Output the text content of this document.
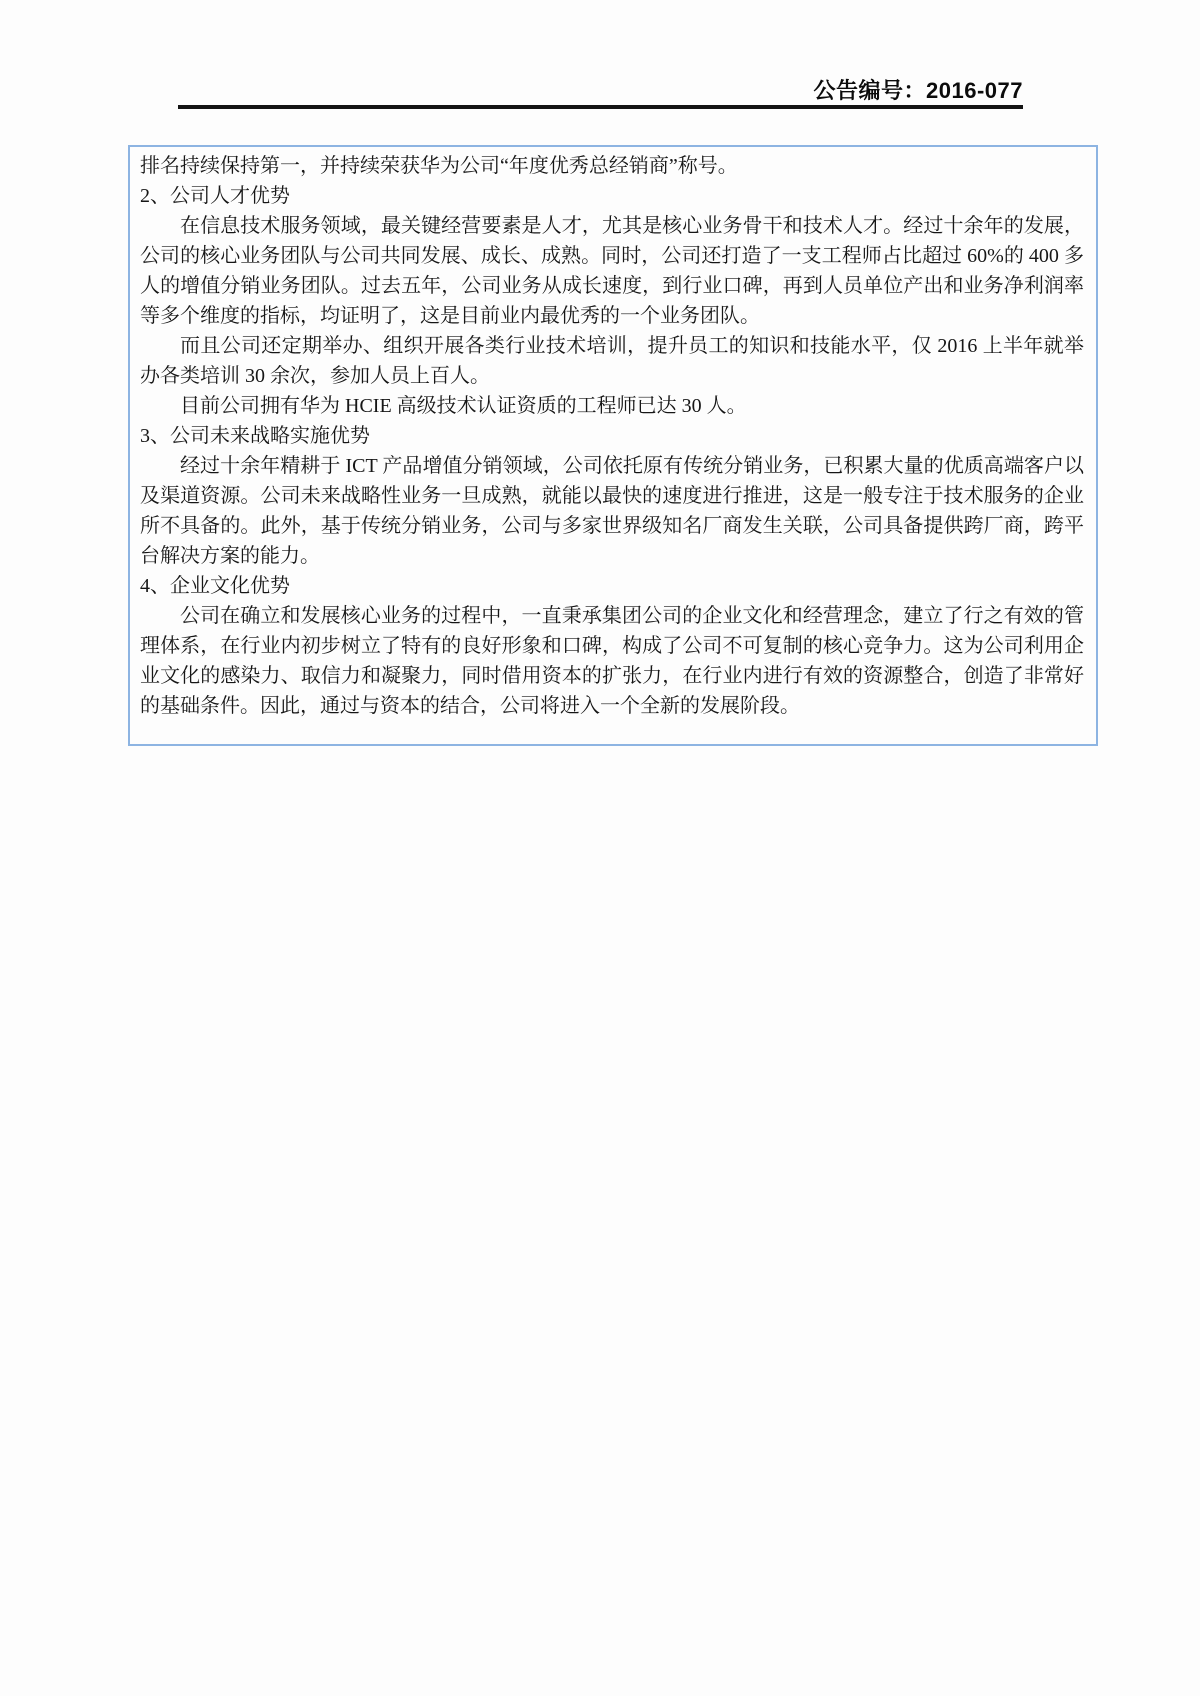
公告编号：2016-077

排名持续保持第一，并持续荣获华为公司“年度优秀总经销商”称号。

2、公司人才优势

在信息技术服务领域，最关键经营要素是人才，尤其是核心业务骨干和技术人才。经过十余年的发展，公司的核心业务团队与公司共同发展、成长、成熟。同时，公司还打造了一支工程师占比超过 60%的 400 多人的增值分销业务团队。过去五年，公司业务从成长速度，到行业口碑，再到人员单位产出和业务净利润率等多个维度的指标，均证明了，这是目前业内最优秀的一个业务团队。

而且公司还定期举办、组织开展各类行业技术培训，提升员工的知识和技能水平，仅 2016 上半年就举办各类培训 30 余次，参加人员上百人。

目前公司拥有华为 HCIE 高级技术认证资质的工程师已达 30 人。

3、公司未来战略实施优势

经过十余年精耕于 ICT 产品增值分销领域，公司依托原有传统分销业务，已积累大量的优质高端客户以及渠道资源。公司未来战略性业务一旦成熟，就能以最快的速度进行推进，这是一般专注于技术服务的企业所不具备的。此外，基于传统分销业务，公司与多家世界级知名厂商发生关联，公司具备提供跨厂商，跨平台解决方案的能力。

4、企业文化优势

公司在确立和发展核心业务的过程中，一直秉承集团公司的企业文化和经营理念，建立了行之有效的管理体系，在行业内初步树立了特有的良好形象和口碑，构成了公司不可复制的核心竞争力。这为公司利用企业文化的感染力、取信力和凝聚力，同时借用资本的扩张力，在行业内进行有效的资源整合，创造了非常好的基础条件。因此，通过与资本的结合，公司将进入一个全新的发展阶段。
